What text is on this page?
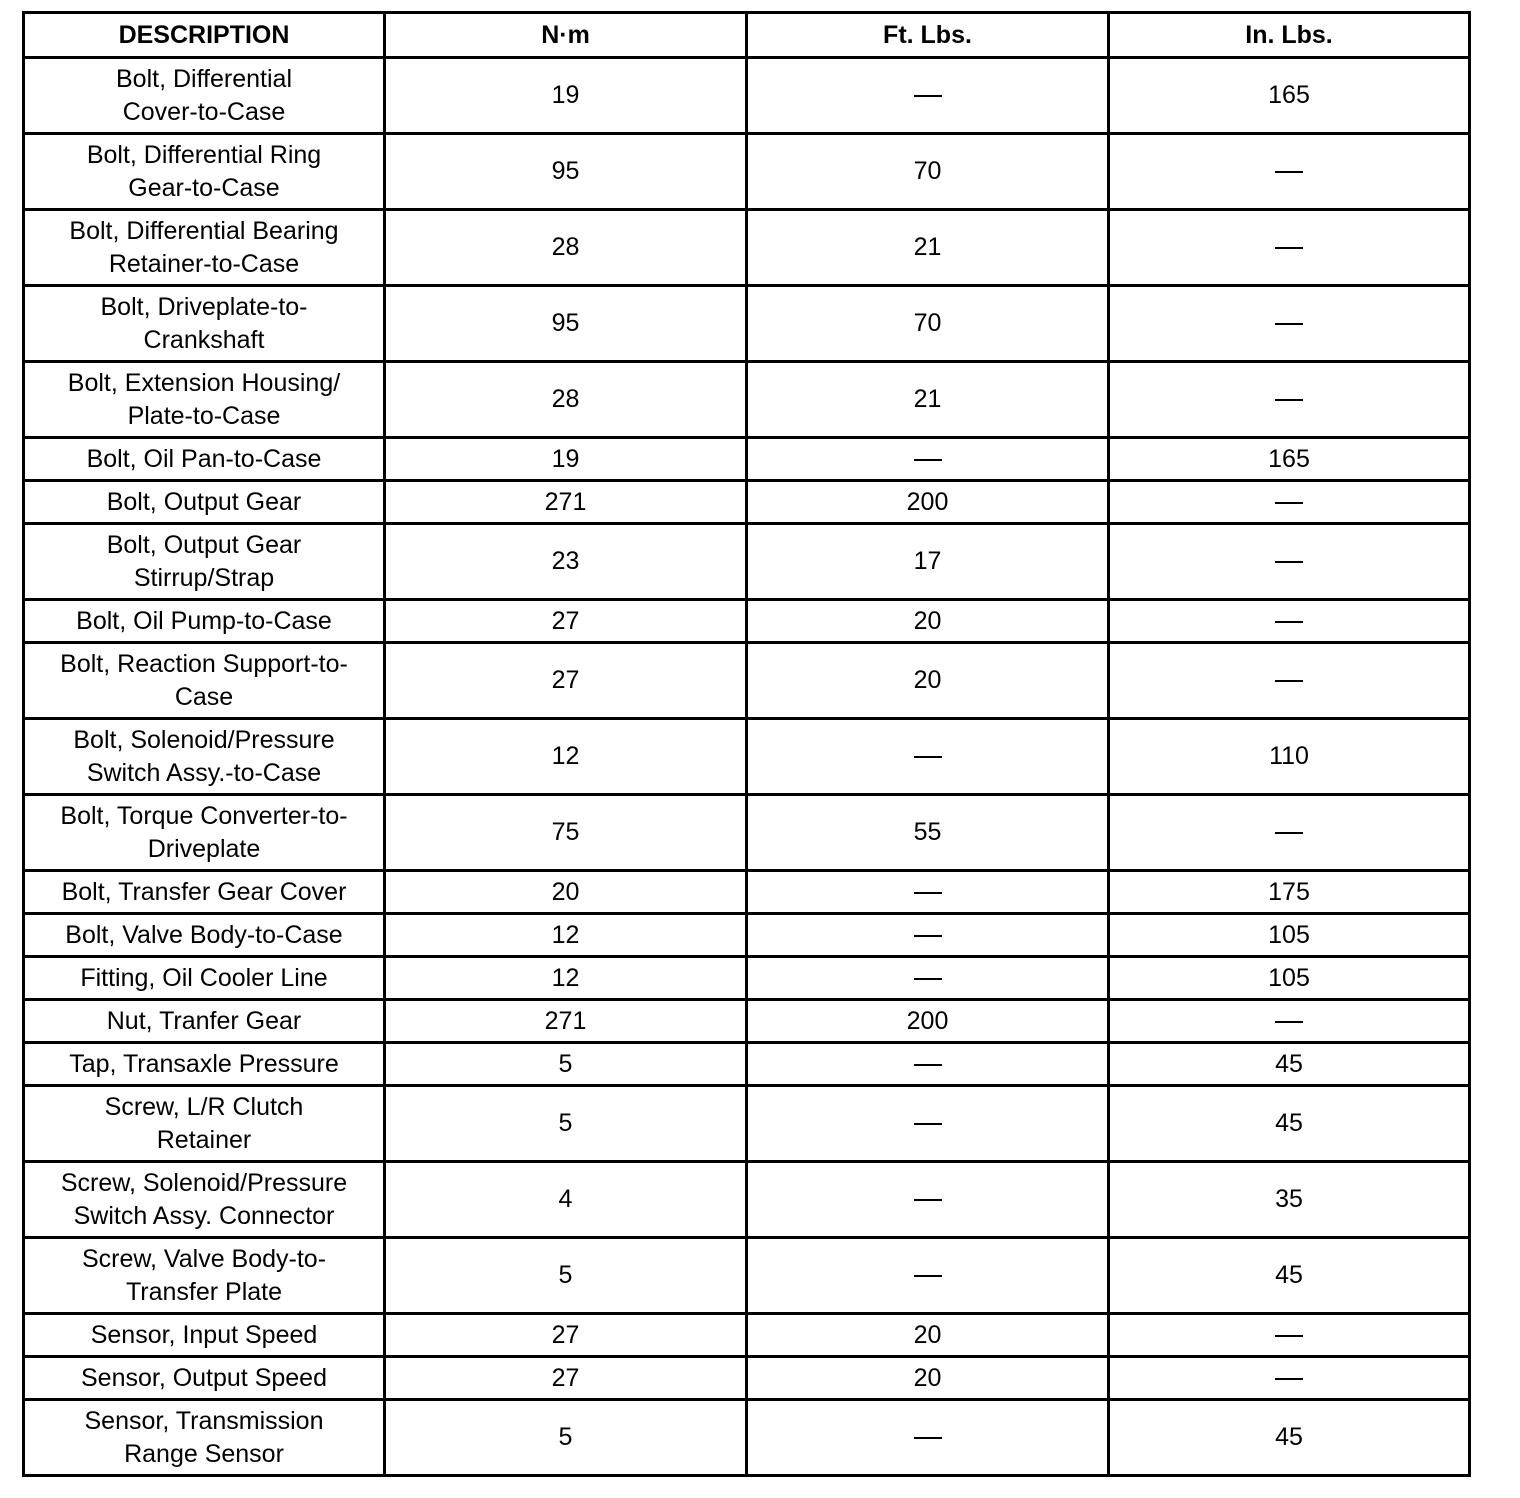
DESCRIPTION	N·m	Ft. Lbs.	In. Lbs.
Bolt, Differential
Cover-to-Case	19		165
Bolt, Differential Ring
Gear-to-Case	95	70	
Bolt, Differential Bearing
Retainer-to-Case	28	21	
Bolt, Driveplate-to-
Crankshaft	95	70	
Bolt, Extension Housing/
Plate-to-Case	28	21	
Bolt, Oil Pan-to-Case	19		165
Bolt, Output Gear	271	200	
Bolt, Output Gear
Stirrup/Strap	23	17	
Bolt, Oil Pump-to-Case	27	20	
Bolt, Reaction Support-to-
Case	27	20	
Bolt, Solenoid/Pressure
Switch Assy.-to-Case	12		110
Bolt, Torque Converter-to-
Driveplate	75	55	
Bolt, Transfer Gear Cover	20		175
Bolt, Valve Body-to-Case	12		105
Fitting, Oil Cooler Line	12		105
Nut, Tranfer Gear	271	200	
Tap, Transaxle Pressure	5		45
Screw, L/R Clutch
Retainer	5		45
Screw, Solenoid/Pressure
Switch Assy. Connector	4		35
Screw, Valve Body-to-
Transfer Plate	5		45
Sensor, Input Speed	27	20	
Sensor, Output Speed	27	20	
Sensor, Transmission
Range Sensor	5		45
